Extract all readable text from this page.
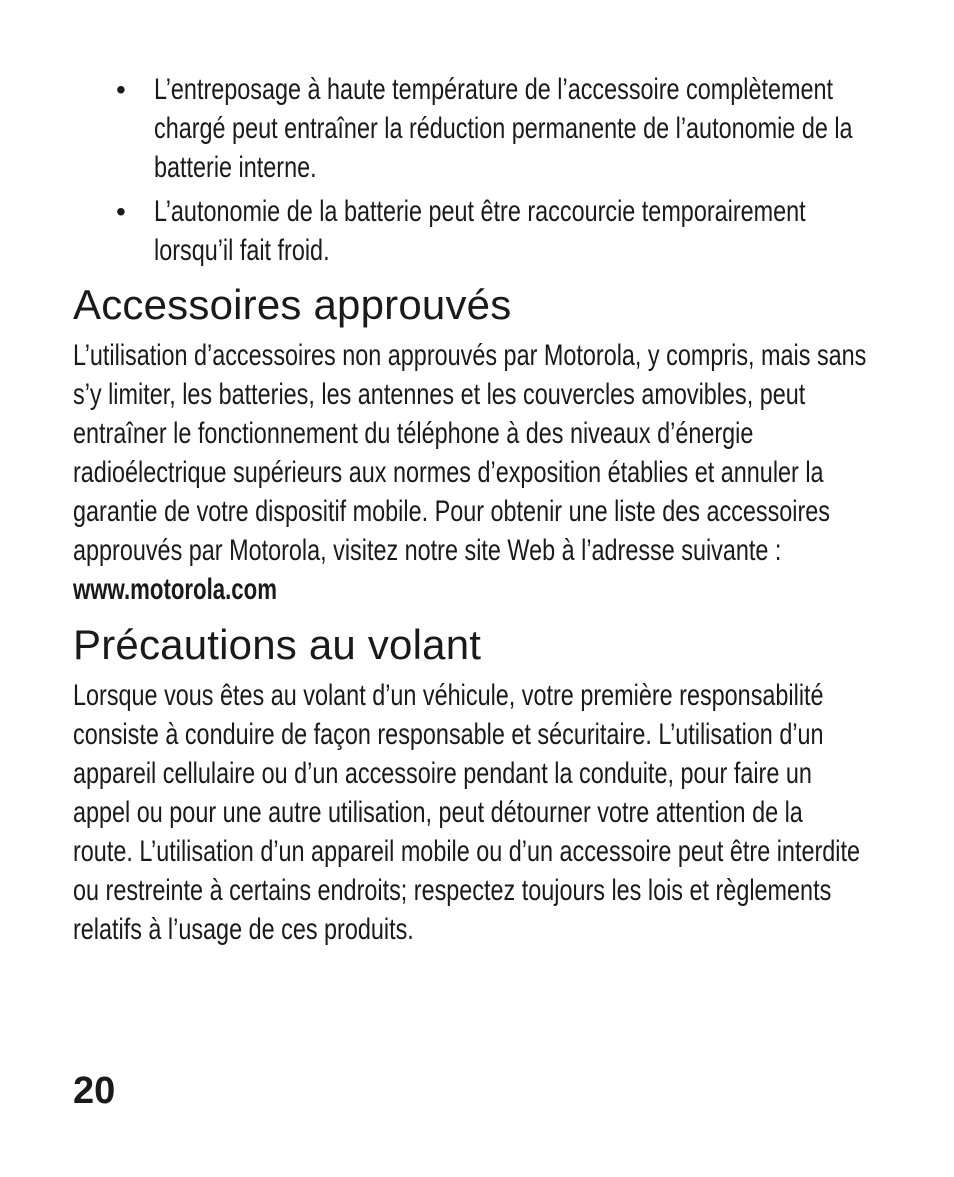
• L’entreposage à haute température de l’accessoire complètement
chargé peut entraîner la réduction permanente de l’autonomie de la
batterie interne.
• L’autonomie de la batterie peut être raccourcie temporairement
lorsqu’il fait froid.
Accessoires approuvés
L’utilisation d’accessoires non approuvés par Motorola, y compris, mais sans
s’y limiter, les batteries, les antennes et les couvercles amovibles, peut
entraîner le fonctionnement du téléphone à des niveaux d’énergie
radioélectrique supérieurs aux normes d’exposition établies et annuler la
garantie de votre dispositif mobile. Pour obtenir une liste des accessoires
approuvés par Motorola, visitez notre site Web à l’adresse suivante :
www.motorola.com
Précautions au volant
Lorsque vous êtes au volant d’un véhicule, votre première responsabilité
consiste à conduire de façon responsable et sécuritaire. L’utilisation d’un
appareil cellulaire ou d’un accessoire pendant la conduite, pour faire un
appel ou pour une autre utilisation, peut détourner votre attention de la
route. L’utilisation d’un appareil mobile ou d’un accessoire peut être interdite
ou restreinte à certains endroits; respectez toujours les lois et règlements
relatifs à l’usage de ces produits.
20
